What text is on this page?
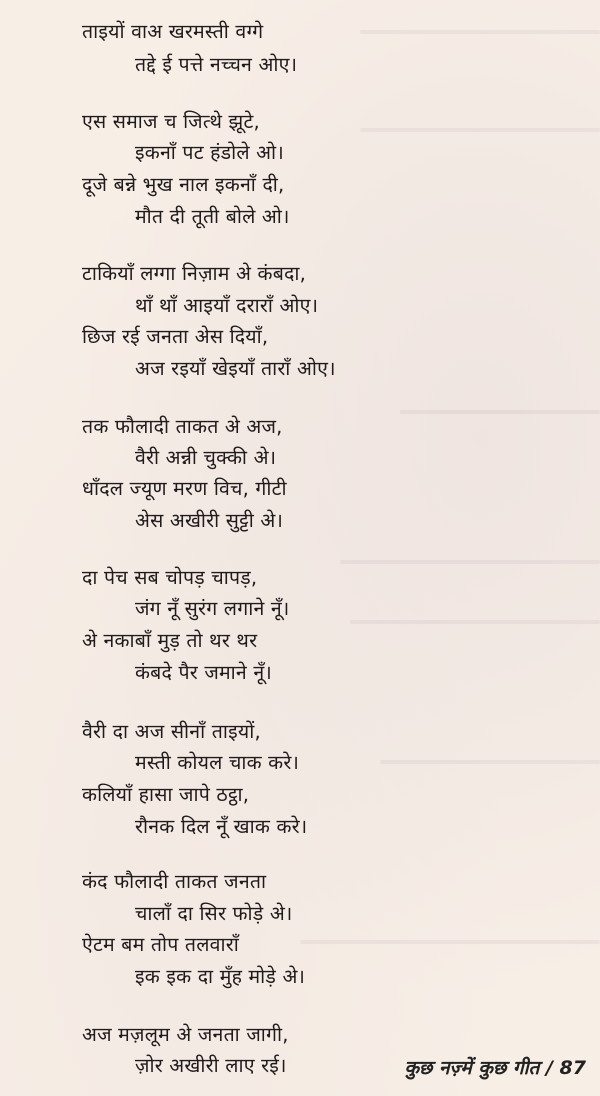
ताइयों वाअ खरमस्ती वग्गे
तद्दे ई पत्ते नच्चन ओए।
एस समाज च जित्थे झूटे,
इकनाँ पट हंडोले ओ।
दूजे बन्ने भुख नाल इकनाँ दी,
मौत दी तूती बोले ओ।
टाकियाँ लग्गा निज़ाम अे कंबदा,
थाँ थाँ आइयाँ दराराँ ओए।
छिज रई जनता अेस दियाँ,
अज रइयाँ खेइयाँ ताराँ ओए।
तक फौलादी ताकत अे अज,
वैरी अन्नी चुक्की अे।
धाँदल ज्यूण मरण विच, गीटी
अेस अखीरी सुट्टी अे।
दा पेच सब चोपड़ चापड़,
जंग नूँ सुरंग लगाने नूँ।
अे नकाबाँ मुड़ तो थर थर
कंबदे पैर जमाने नूँ।
वैरी दा अज सीनाँ ताइयों,
मस्ती कोयल चाक करे।
कलियाँ हासा जापे ठट्ठा,
रौनक दिल नूँ खाक करे।
कंद फौलादी ताकत जनता
चालाँ दा सिर फोड़े अे।
ऐटम बम तोप तलवाराँ
इक इक दा मुँह मोड़े अे।
अज मज़लूम अे जनता जागी,
ज़ोर अखीरी लाए रई।	कुछ नज़्में कुछ गीत / 87
